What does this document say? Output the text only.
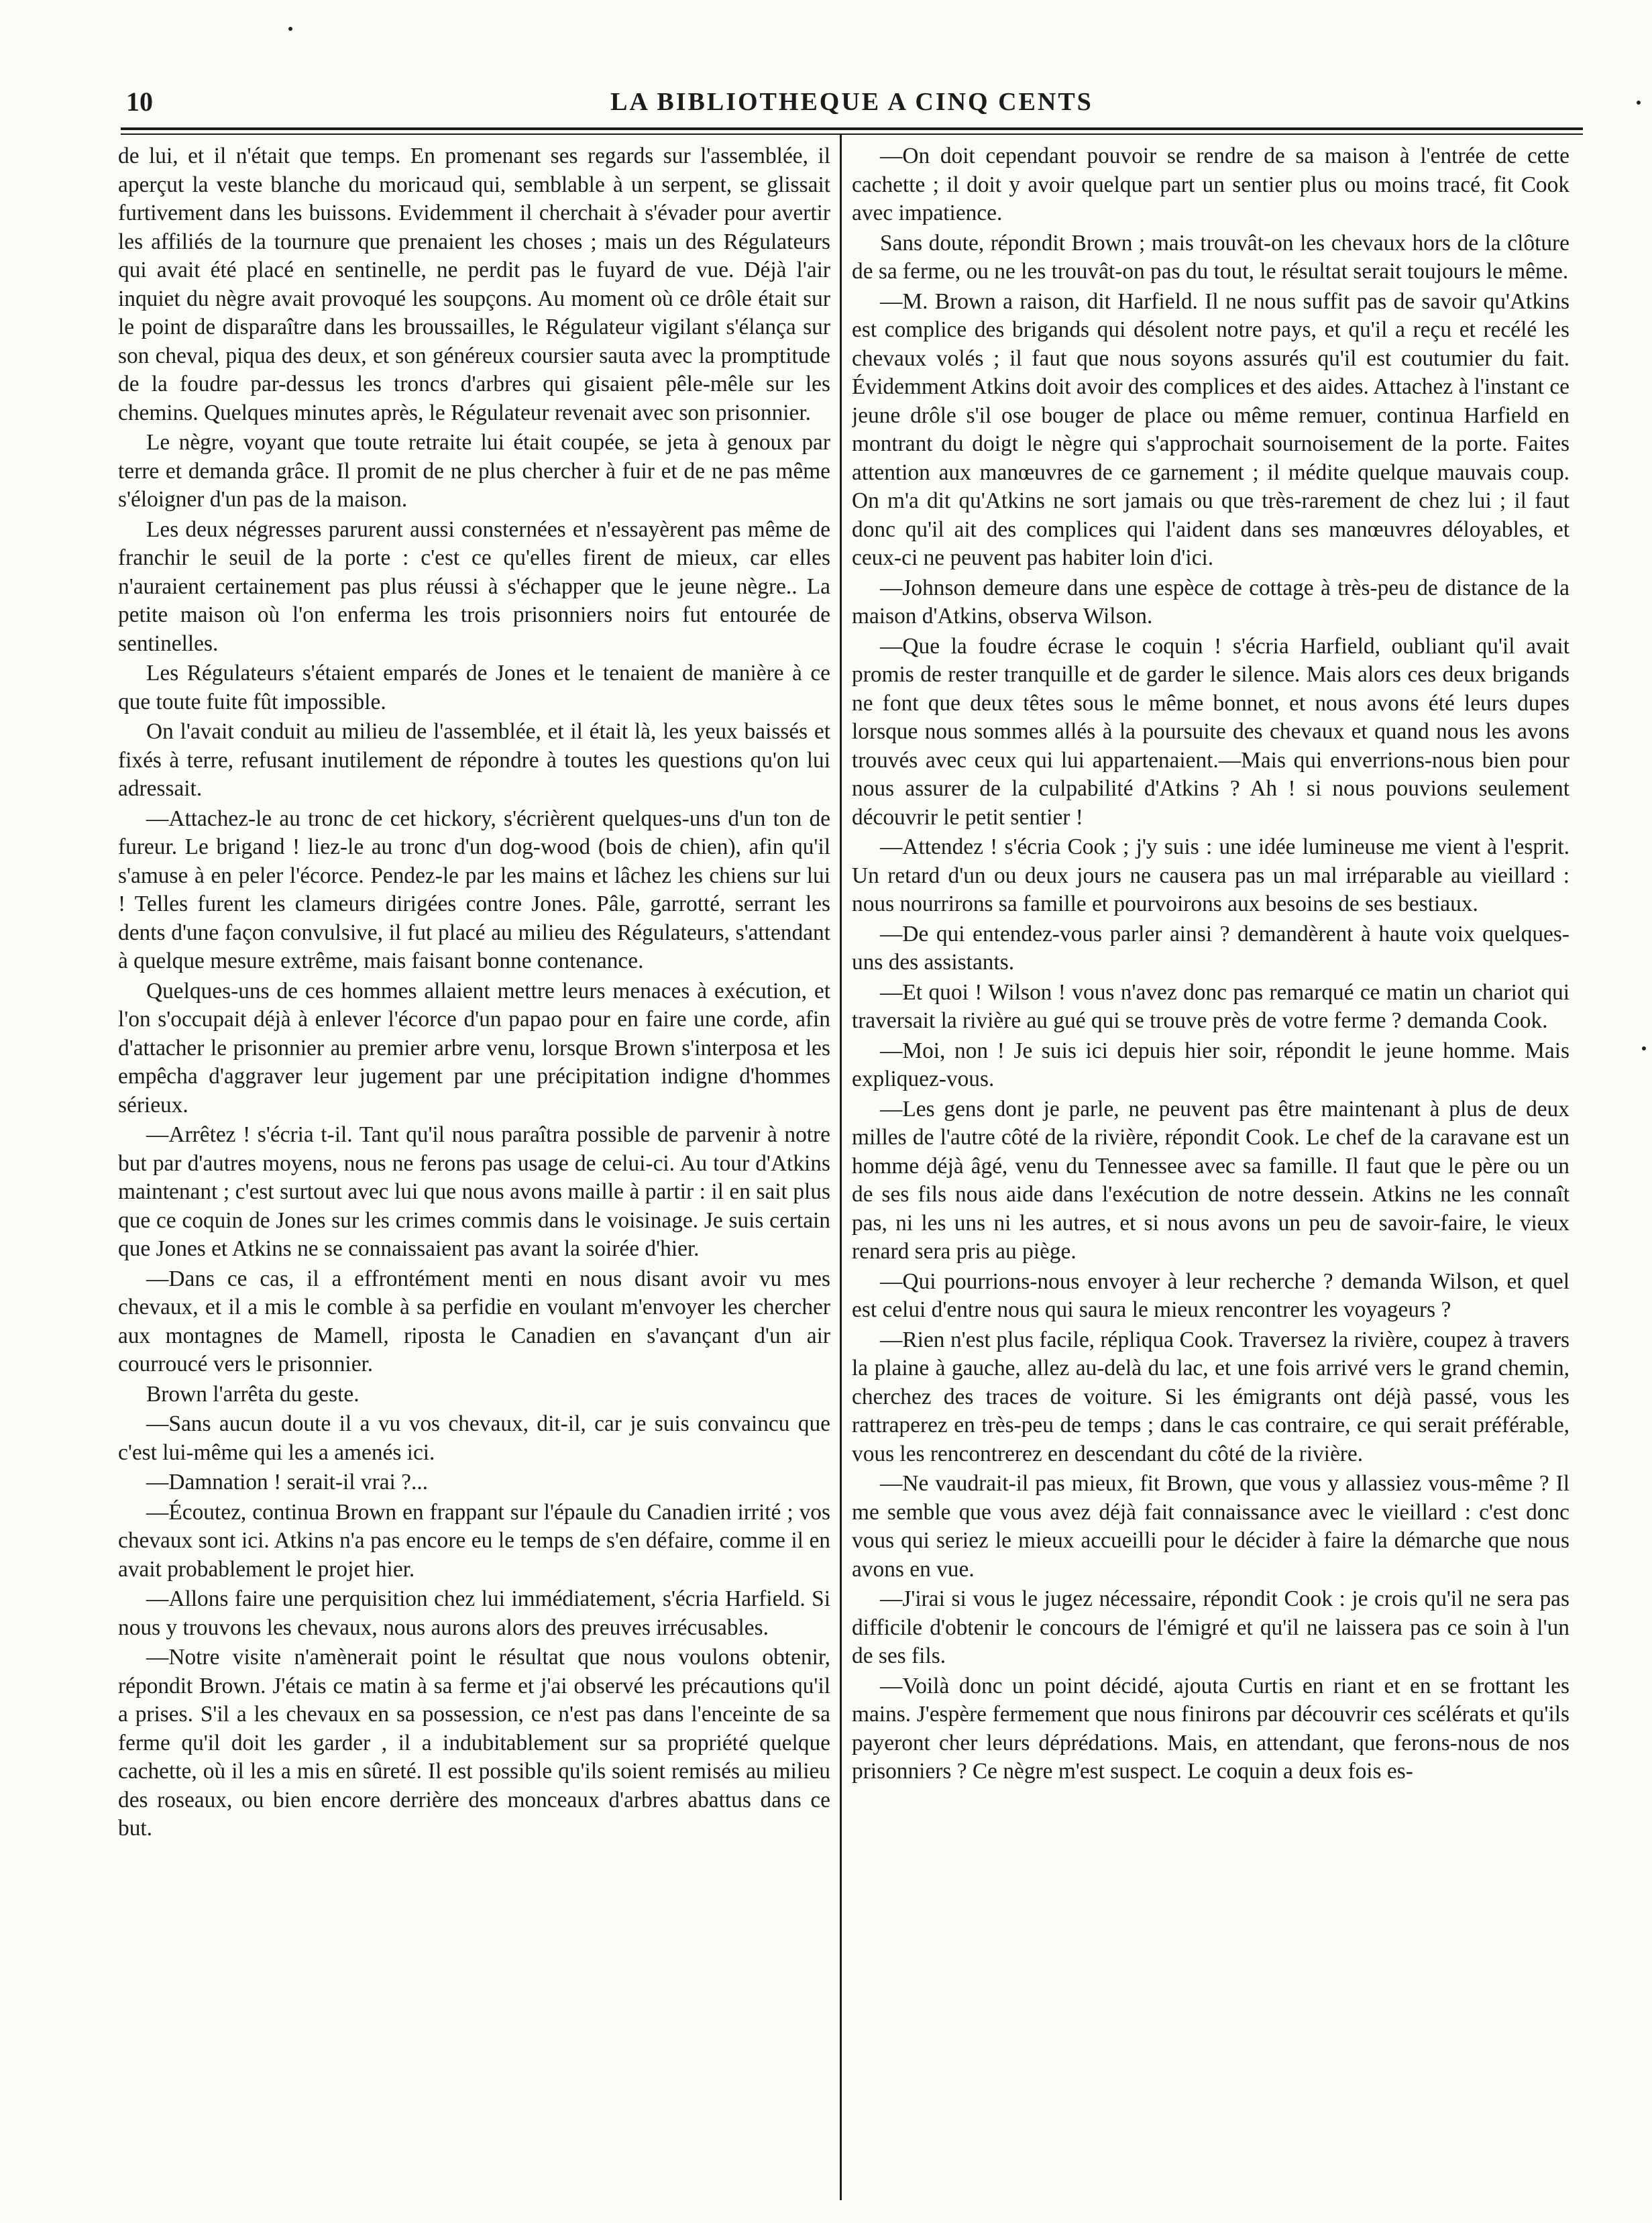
10	LA BIBLIOTHEQUE A CINQ CENTS

de lui, et il n'était que temps. En promenant ses regards sur l'assemblée, il aperçut la veste blanche du moricaud qui, semblable à un serpent, se glissait furtivement dans les buissons. Evidemment il cherchait à s'évader pour avertir les affiliés de la tournure que prenaient les choses ; mais un des Régulateurs qui avait été placé en sentinelle, ne perdit pas le fuyard de vue. Déjà l'air inquiet du nègre avait provoqué les soupçons. Au moment où ce drôle était sur le point de disparaître dans les broussailles, le Régulateur vigilant s'élança sur son cheval, piqua des deux, et son généreux coursier sauta avec la promptitude de la foudre par-dessus les troncs d'arbres qui gisaient pêle-mêle sur les chemins. Quelques minutes après, le Régulateur revenait avec son prisonnier.

Le nègre, voyant que toute retraite lui était coupée, se jeta à genoux par terre et demanda grâce. Il promit de ne plus chercher à fuir et de ne pas même s'éloigner d'un pas de la maison.

Les deux négresses parurent aussi consternées et n'essayèrent pas même de franchir le seuil de la porte : c'est ce qu'elles firent de mieux, car elles n'auraient certainement pas plus réussi à s'échapper que le jeune nègre.. La petite maison où l'on enferma les trois prisonniers noirs fut entourée de sentinelles.

Les Régulateurs s'étaient emparés de Jones et le tenaient de manière à ce que toute fuite fût impossible.

On l'avait conduit au milieu de l'assemblée, et il était là, les yeux baissés et fixés à terre, refusant inutilement de répondre à toutes les questions qu'on lui adressait.

—Attachez-le au tronc de cet hickory, s'écrièrent quelques-uns d'un ton de fureur. Le brigand ! liez-le au tronc d'un dog-wood (bois de chien), afin qu'il s'amuse à en peler l'écorce. Pendez-le par les mains et lâchez les chiens sur lui ! Telles furent les clameurs dirigées contre Jones. Pâle, garrotté, serrant les dents d'une façon convulsive, il fut placé au milieu des Régulateurs, s'attendant à quelque mesure extrême, mais faisant bonne contenance.

Quelques-uns de ces hommes allaient mettre leurs menaces à exécution, et l'on s'occupait déjà à enlever l'écorce d'un papao pour en faire une corde, afin d'attacher le prisonnier au premier arbre venu, lorsque Brown s'interposa et les empêcha d'aggraver leur jugement par une précipitation indigne d'hommes sérieux.

—Arrêtez ! s'écria t-il. Tant qu'il nous paraîtra possible de parvenir à notre but par d'autres moyens, nous ne ferons pas usage de celui-ci. Au tour d'Atkins maintenant ; c'est surtout avec lui que nous avons maille à partir : il en sait plus que ce coquin de Jones sur les crimes commis dans le voisinage. Je suis certain que Jones et Atkins ne se connaissaient pas avant la soirée d'hier.

—Dans ce cas, il a effrontément menti en nous disant avoir vu mes chevaux, et il a mis le comble à sa perfidie en voulant m'envoyer les chercher aux montagnes de Mamell, riposta le Canadien en s'avançant d'un air courroucé vers le prisonnier.

Brown l'arrêta du geste.

—Sans aucun doute il a vu vos chevaux, dit-il, car je suis convaincu que c'est lui-même qui les a amenés ici.

—Damnation ! serait-il vrai ?...

—Écoutez, continua Brown en frappant sur l'épaule du Canadien irrité ; vos chevaux sont ici. Atkins n'a pas encore eu le temps de s'en défaire, comme il en avait probablement le projet hier.

—Allons faire une perquisition chez lui immédiatement, s'écria Harfield. Si nous y trouvons les chevaux, nous aurons alors des preuves irrécusables.

—Notre visite n'amènerait point le résultat que nous voulons obtenir, répondit Brown. J'étais ce matin à sa ferme et j'ai observé les précautions qu'il a prises. S'il a les chevaux en sa possession, ce n'est pas dans l'enceinte de sa ferme qu'il doit les garder , il a indubitablement sur sa propriété quelque cachette, où il les a mis en sûreté. Il est possible qu'ils soient remisés au milieu des roseaux, ou bien encore derrière des monceaux d'arbres abattus dans ce but.

—On doit cependant pouvoir se rendre de sa maison à l'entrée de cette cachette ; il doit y avoir quelque part un sentier plus ou moins tracé, fit Cook avec impatience.

Sans doute, répondit Brown ; mais trouvât-on les chevaux hors de la clôture de sa ferme, ou ne les trouvât-on pas du tout, le résultat serait toujours le même.

—M. Brown a raison, dit Harfield. Il ne nous suffit pas de savoir qu'Atkins est complice des brigands qui désolent notre pays, et qu'il a reçu et recélé les chevaux volés ; il faut que nous soyons assurés qu'il est coutumier du fait. Évidemment Atkins doit avoir des complices et des aides. Attachez à l'instant ce jeune drôle s'il ose bouger de place ou même remuer, continua Harfield en montrant du doigt le nègre qui s'approchait sournoisement de la porte. Faites attention aux manœuvres de ce garnement ; il médite quelque mauvais coup. On m'a dit qu'Atkins ne sort jamais ou que très-rarement de chez lui ; il faut donc qu'il ait des complices qui l'aident dans ses manœuvres déloyables, et ceux-ci ne peuvent pas habiter loin d'ici.

—Johnson demeure dans une espèce de cottage à très-peu de distance de la maison d'Atkins, observa Wilson.

—Que la foudre écrase le coquin ! s'écria Harfield, oubliant qu'il avait promis de rester tranquille et de garder le silence. Mais alors ces deux brigands ne font que deux têtes sous le même bonnet, et nous avons été leurs dupes lorsque nous sommes allés à la poursuite des chevaux et quand nous les avons trouvés avec ceux qui lui appartenaient.—Mais qui enverrions-nous bien pour nous assurer de la culpabilité d'Atkins ? Ah ! si nous pouvions seulement découvrir le petit sentier !

—Attendez ! s'écria Cook ; j'y suis : une idée lumineuse me vient à l'esprit. Un retard d'un ou deux jours ne causera pas un mal irréparable au vieillard : nous nourrirons sa famille et pourvoirons aux besoins de ses bestiaux.

—De qui entendez-vous parler ainsi ? demandèrent à haute voix quelques-uns des assistants.

—Et quoi ! Wilson ! vous n'avez donc pas remarqué ce matin un chariot qui traversait la rivière au gué qui se trouve près de votre ferme ? demanda Cook.

—Moi, non ! Je suis ici depuis hier soir, répondit le jeune homme. Mais expliquez-vous.

—Les gens dont je parle, ne peuvent pas être maintenant à plus de deux milles de l'autre côté de la rivière, répondit Cook. Le chef de la caravane est un homme déjà âgé, venu du Tennessee avec sa famille. Il faut que le père ou un de ses fils nous aide dans l'exécution de notre dessein. Atkins ne les connaît pas, ni les uns ni les autres, et si nous avons un peu de savoir-faire, le vieux renard sera pris au piège.

—Qui pourrions-nous envoyer à leur recherche ? demanda Wilson, et quel est celui d'entre nous qui saura le mieux rencontrer les voyageurs ?

—Rien n'est plus facile, répliqua Cook. Traversez la rivière, coupez à travers la plaine à gauche, allez au-delà du lac, et une fois arrivé vers le grand chemin, cherchez des traces de voiture. Si les émigrants ont déjà passé, vous les rattraperez en très-peu de temps ; dans le cas contraire, ce qui serait préférable, vous les rencontrerez en descendant du côté de la rivière.

—Ne vaudrait-il pas mieux, fit Brown, que vous y allassiez vous-même ? Il me semble que vous avez déjà fait connaissance avec le vieillard : c'est donc vous qui seriez le mieux accueilli pour le décider à faire la démarche que nous avons en vue.

—J'irai si vous le jugez nécessaire, répondit Cook : je crois qu'il ne sera pas difficile d'obtenir le concours de l'émigré et qu'il ne laissera pas ce soin à l'un de ses fils.

—Voilà donc un point décidé, ajouta Curtis en riant et en se frottant les mains. J'espère fermement que nous finirons par découvrir ces scélérats et qu'ils payeront cher leurs déprédations. Mais, en attendant, que ferons-nous de nos prisonniers ? Ce nègre m'est suspect. Le coquin a deux fois es-
